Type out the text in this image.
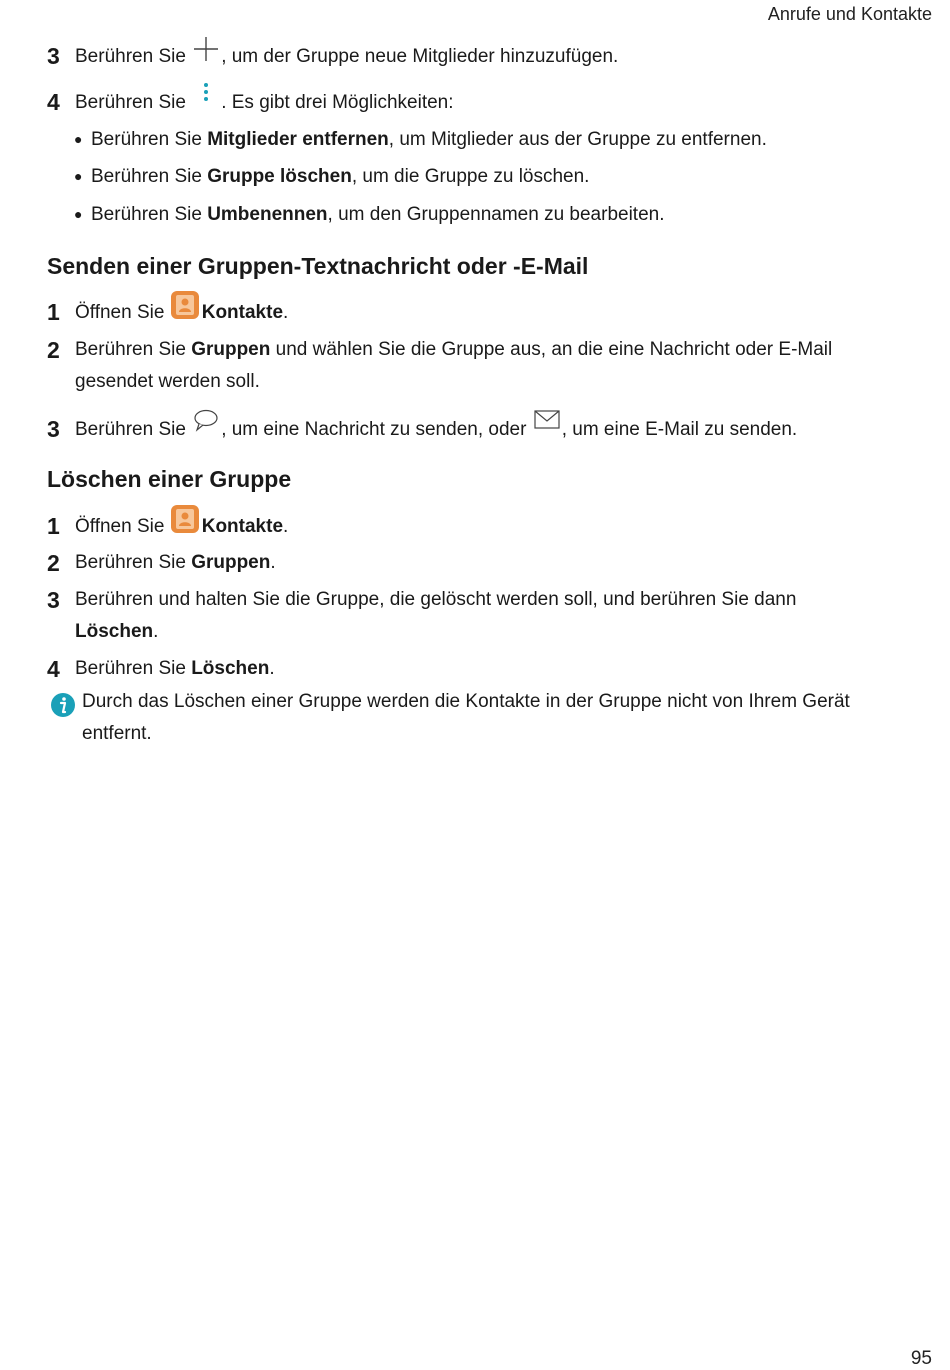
Anrufe und Kontakte
3 Berühren Sie , um der Gruppe neue Mitglieder hinzuzufügen.
4 Berühren Sie . Es gibt drei Möglichkeiten:
● Berühren Sie Mitglieder entfernen, um Mitglieder aus der Gruppe zu entfernen.
● Berühren Sie Gruppe löschen, um die Gruppe zu löschen.
● Berühren Sie Umbenennen, um den Gruppennamen zu bearbeiten.
Senden einer Gruppen-Textnachricht oder -E-Mail
1 Öffnen Sie Kontakte.
2 Berühren Sie Gruppen und wählen Sie die Gruppe aus, an die eine Nachricht oder E-Mail
gesendet werden soll.
3 Berühren Sie , um eine Nachricht zu senden, oder , um eine E-Mail zu senden.
Löschen einer Gruppe
1 Öffnen Sie Kontakte.
2 Berühren Sie Gruppen.
3 Berühren und halten Sie die Gruppe, die gelöscht werden soll, und berühren Sie dann
Löschen.
4 Berühren Sie Löschen.
Durch das Löschen einer Gruppe werden die Kontakte in der Gruppe nicht von Ihrem Gerät
entfernt.
95
